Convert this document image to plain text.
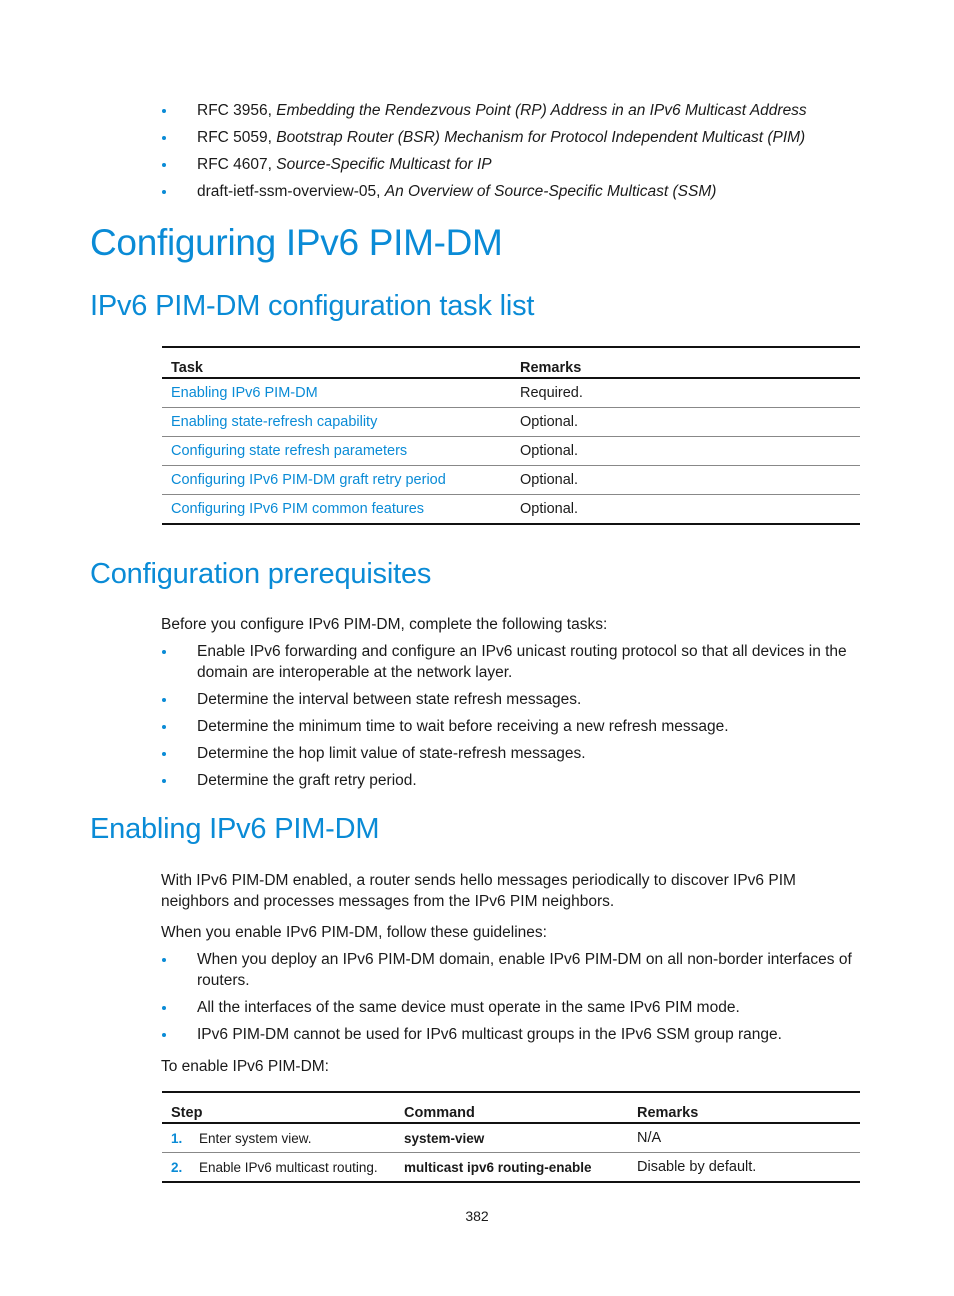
RFC 3956, Embedding the Rendezvous Point (RP) Address in an IPv6 Multicast Address
RFC 5059, Bootstrap Router (BSR) Mechanism for Protocol Independent Multicast (PIM)
RFC 4607, Source-Specific Multicast for IP
draft-ietf-ssm-overview-05, An Overview of Source-Specific Multicast (SSM)
Configuring IPv6 PIM-DM
IPv6 PIM-DM configuration task list
Task	Remarks
Enabling IPv6 PIM-DM	Required.
Enabling state-refresh capability	Optional.
Configuring state refresh parameters	Optional.
Configuring IPv6 PIM-DM graft retry period	Optional.
Configuring IPv6 PIM common features	Optional.
Configuration prerequisites

Before you configure IPv6 PIM-DM, complete the following tasks:

Enable IPv6 forwarding and configure an IPv6 unicast routing protocol so that all devices in the domain are interoperable at the network layer.
Determine the interval between state refresh messages.
Determine the minimum time to wait before receiving a new refresh message.
Determine the hop limit value of state-refresh messages.
Determine the graft retry period.
Enabling IPv6 PIM-DM

With IPv6 PIM-DM enabled, a router sends hello messages periodically to discover IPv6 PIM neighbors and processes messages from the IPv6 PIM neighbors.

When you enable IPv6 PIM-DM, follow these guidelines:

When you deploy an IPv6 PIM-DM domain, enable IPv6 PIM-DM on all non-border interfaces of routers.
All the interfaces of the same device must operate in the same IPv6 PIM mode.
IPv6 PIM-DM cannot be used for IPv6 multicast groups in the IPv6 SSM group range.

To enable IPv6 PIM-DM:

Step	Command	Remarks
1. Enter system view.	system-view	N/A
2. Enable IPv6 multicast routing.	multicast ipv6 routing-enable	Disable by default.
382
